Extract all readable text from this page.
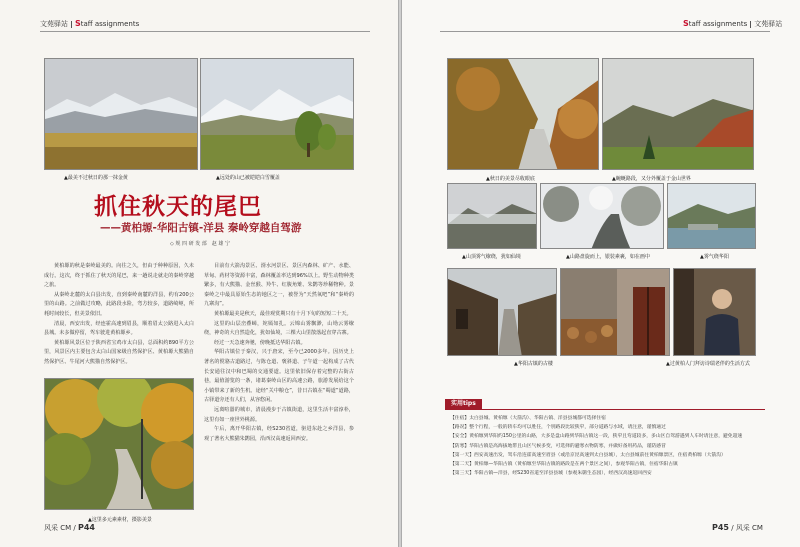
文苑驿站 Staff assignments
▲最美不过秋日的那一抹金黄	▲远处的山已被皑皑白雪覆盖
抓住秋天的尾巴
——黄柏塬-华阳古镇-洋县 秦岭穿越自驾游
◇ 规 四 研 发 部　赵 雄 宁

黄柏塬的秋是秦岭最美的。向往之久，但由于种种原因，久未成行。这次，终于抓住了秋天的尾巴，来一趟说走就走的秦岭穿越之旅。

从秦岭北麓的太白县出发，直到秦岭南麓的洋县，约有200公里的山路。之前做过攻略，此路段水险，弯方较多，道路崎岖，所耗时间较长，但美景依旧。

清晨，西安出发，经连霍高速到眉县，顺着眉太公路进入太白县城。未多做停留，驾车驶进黄柏塬乡。

黄柏塬风景区位于陕西省宝鸡市太白县，总面积约890平方公里，风景区内主要包含太白山国家级自然保护区、黄柏塬大熊猫自然保护区、牛尾河大熊猫自然保护区。

▲这里多元素素材，摄影美景

目前有大箭沟景区、湑水河景区、景区内森林、矿产、水能、草甸、药材等资源丰富，森林覆盖率达到96%以上。野生动物种类繁多，有大熊猫、金丝猴、羚牛、红腹角雉、朱鹮等珍稀物种。景秦岭之中最具原始生态的地区之一，被誉为“天然氧吧”和“秦岭的九寨沟”。

黄柏塬最美是秋天，最佳观赏期只有十月下旬的短短二十天。

这里的山层峦叠嶂，姹嫣如扎。云锦山雾飘渺，山坳云雾缭绕，神奇的大自然造化，犹如仙境，三棵大山里散落起直穿古寨。

经过一天急速奔驰，傍晚抵达华阳古镇。

华阳古镇位于秦汉，兴于唐宋，至今已2000多年。因历史上著名的傥骆古道路过，与陈仓道、褒斜道、子午道一起构成了古代长安通往汉中和巴蜀的交通要道。这里依旧保存着完整的古街古巷，最值游览的一条，诸葛秦岭山区的高速公路，旅游发展给这个小镇带来了新的生机。途经“关中粮仓”，昔日古镇在“蜀道”道路，古驿道旁还有人们，从容悠闲。

远离喧嚣的城市，清晨漫步于古镇街道，这里生活丰富淳朴，这里有如一座世外桃源。

午后，离开华阳古镇，经S230省道，驱进东赴之乡洋县，参观了著名大熊猫朱鹮园，沿西汉高速返回西安。

风采 CM / P44
Staff assignments 文苑驿站
▲秋日的美景尽收眼底	▲蜿蜒路段，又分外覆盖于金山世界
▲山顶雾气缭绕，犹如仙境	▲山路盘旋而上，银装素裹，如在画中	▲雾气绕华阳
▲华阳古镇的古楼	▲过黄柏人门拜访诗瑞老伴的生活方式
实用tips
【住宿】太白县城、黄柏塬（大箭沟）、华阳古镇、洋县县城都可选择住宿
【路况】整个行程，一般的轿车均可以胜任，个别路段比较狭窄，部分道路与水域，请注意，谨慎通过
【安全】黄柏塬到华阳约150公里的山路，大多是盘山路到华阳古镇这一段，狭窄且弯道较多，多山区自驾游遇到人车时请注意，避免超速
【防寒】华阳古镇是高海拔地带且山区气候多变，可选择的避寒衣物防寒，并做好备用药品，谨防感冒
【第一天】西安高速出发，驾车沿连霍高速至眉县（或沿京昆高速到太白县城），太白县城前往黄柏塬景区，住宿黄柏塬（大箭沟）
【第二天】黄柏塬—华阳古镇（黄柏塬至华阳古镇的路段是在两个景区之间），参观华阳古镇，住宿华阳古镇
【第三天】华阳古镇—洋县，经S230省道至洋县县城（参观朱鹮生态园），经西汉高速返回西安
P45 / 风采 CM
